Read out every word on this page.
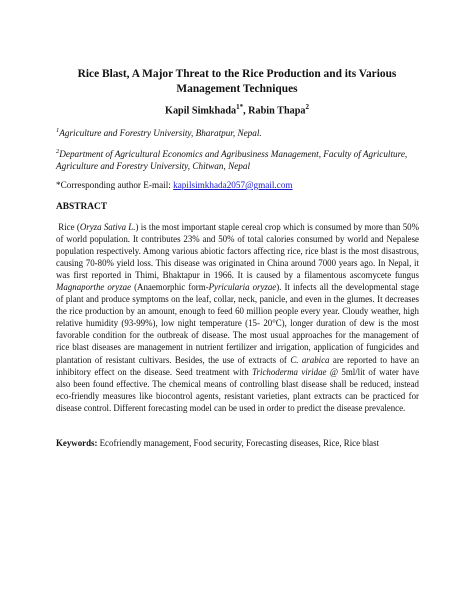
Rice Blast, A Major Threat to the Rice Production and its Various Management Techniques
Kapil Simkhada$^{1*}$, Rabin Thapa$^2$
$^1$Agriculture and Forestry University, Bharatpur, Nepal.
$^2$Department of Agricultural Economics and Agribusiness Management, Faculty of Agriculture, Agriculture and Forestry University, Chitwan, Nepal
*Corresponding author E-mail: kapilsimkhada2057@gmail.com
ABSTRACT
Rice (Oryza Sativa L.) is the most important staple cereal crop which is consumed by more than 50% of world population. It contributes 23% and 50% of total calories consumed by world and Nepalese population respectively. Among various abiotic factors affecting rice, rice blast is the most disastrous, causing 70-80% yield loss. This disease was originated in China around 7000 years ago. In Nepal, it was first reported in Thimi, Bhaktapur in 1966. It is caused by a filamentous ascomycete fungus Magnaporthe oryzae (Anaemorphic form-Pyricularia oryzae). It infects all the developmental stage of plant and produce symptoms on the leaf, collar, neck, panicle, and even in the glumes. It decreases the rice production by an amount, enough to feed 60 million people every year. Cloudy weather, high relative humidity (93-99%), low night temperature (15- 20°C), longer duration of dew is the most favorable condition for the outbreak of disease. The most usual approaches for the management of rice blast diseases are management in nutrient fertilizer and irrigation, application of fungicides and plantation of resistant cultivars. Besides, the use of extracts of C. arabica are reported to have an inhibitory effect on the disease. Seed treatment with Trichoderma viridae @ 5ml/lit of water have also been found effective. The chemical means of controlling blast disease shall be reduced, instead eco-friendly measures like biocontrol agents, resistant varieties, plant extracts can be practiced for disease control. Different forecasting model can be used in order to predict the disease prevalence.
Keywords: Ecofriendly management, Food security, Forecasting diseases, Rice, Rice blast
